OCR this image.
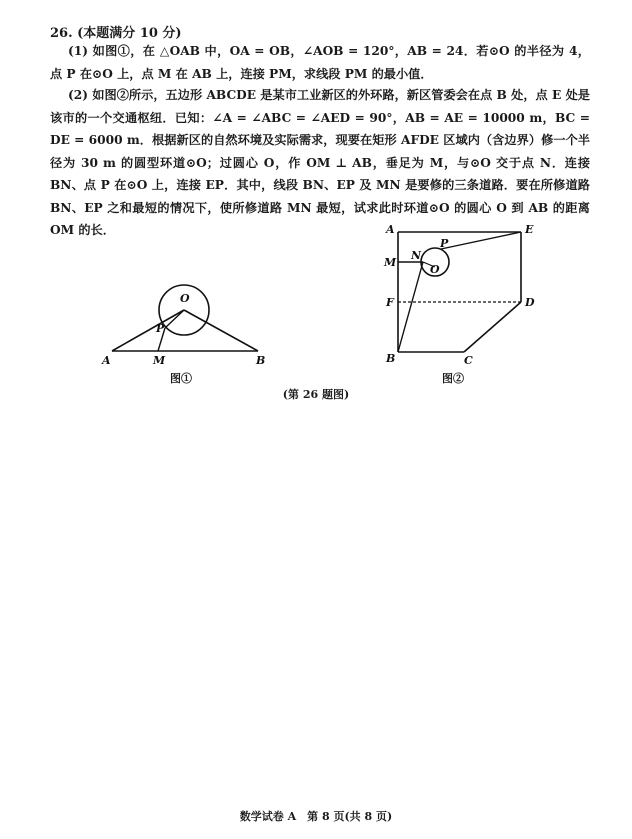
26. (本题满分 10 分)
(1) 如图①，在 △OAB 中，OA = OB，∠AOB = 120°，AB = 24．若⊙O 的半径为 4，点 P 在⊙O 上，点 M 在 AB 上，连接 PM，求线段 PM 的最小值．
(2) 如图②所示，五边形 ABCDE 是某市工业新区的外环路，新区管委会在点 B 处，点 E 处是该市的一个交通枢纽．已知：∠A = ∠ABC = ∠AED = 90°，AB = AE = 10000 m，BC = DE = 6000 m．根据新区的自然环境及实际需求，现要在矩形 AFDE 区域内（含边界）修一个半径为 30 m 的圆型环道⊙O；过圆心 O，作 OM ⊥ AB，垂足为 M，与⊙O 交于点 N．连接 BN、点 P 在⊙O 上，连接 EP．其中，线段 BN、EP 及 MN 是要修的三条道路．要在所修道路 BN、EP 之和最短的情况下，使所修道路 MN 最短，试求此时环道⊙O 的圆心 O 到 AB 的距离 OM 的长．
O
P
A	M	B
图①
A	E
P
M
N
O
F	D
B	C
图②
(第 26 题图)
数学试卷 A　第 8 页(共 8 页)
